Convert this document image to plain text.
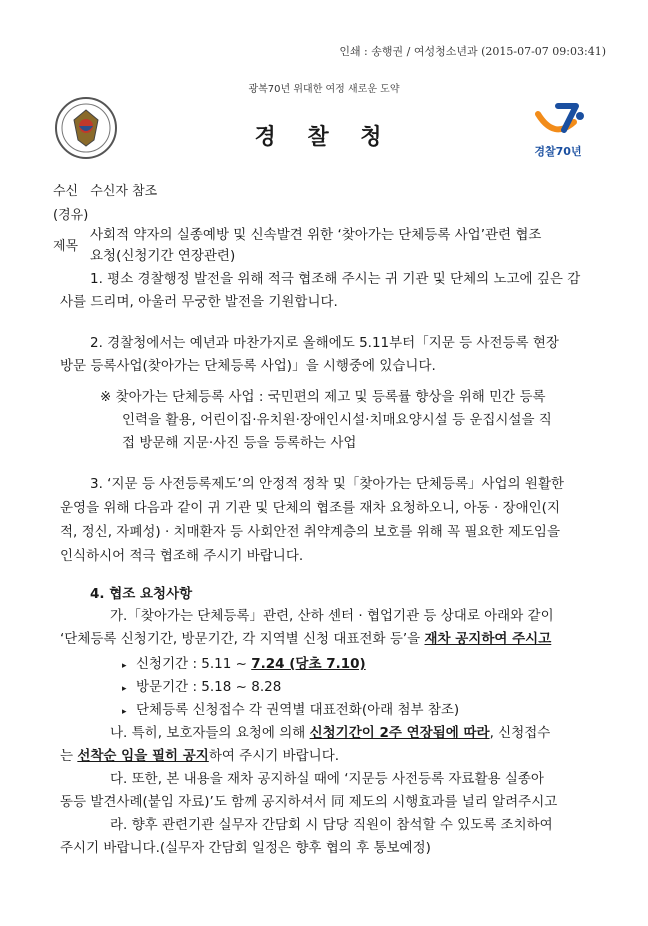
인쇄 : 송행권 / 여성청소년과 (2015-07-07 09:03:41)
광복70년 위대한 여정 새로운 도약
경 찰 청
경찰70년
수신 수신자 참조
(경유)
제목
사회적 약자의 실종예방 및 신속발견 위한 ‘찾아가는 단체등록 사업’관련 협조
요청(신청기간 연장관련)
1. 평소 경찰행정 발전을 위해 적극 협조해 주시는 귀 기관 및 단체의 노고에 깊은 감
사를 드리며, 아울러 무궁한 발전을 기원합니다.
2. 경찰청에서는 예년과 마찬가지로 올해에도 5.11부터「지문 등 사전등록 현장
방문 등록사업(찾아가는 단체등록 사업)」을 시행중에 있습니다.
※ 찾아가는 단체등록 사업 : 국민편의 제고 및 등록률 향상을 위해 민간 등록
인력을 활용, 어린이집·유치원·장애인시설·치매요양시설 등 운집시설을 직
접 방문해 지문·사진 등을 등록하는 사업
3. ‘지문 등 사전등록제도’의 안정적 정착 및「찾아가는 단체등록」사업의 원활한
운영을 위해 다음과 같이 귀 기관 및 단체의 협조를 재차 요청하오니, 아동 · 장애인(지
적, 정신, 자폐성) · 치매환자 등 사회안전 취약계층의 보호를 위해 꼭 필요한 제도임을
인식하시어 적극 협조해 주시기 바랍니다.
4. 협조 요청사항
가.「찾아가는 단체등록」관련, 산하 센터 · 협업기관 등 상대로 아래와 같이
‘단체등록 신청기간, 방문기간, 각 지역별 신청 대표전화 등’을 재차 공지하여 주시고
▸ 신청기간 : 5.11 ~ 7.24 (당초 7.10)
▸ 방문기간 : 5.18 ~ 8.28
▸ 단체등록 신청접수 각 권역별 대표전화(아래 첨부 참조)
나. 특히, 보호자들의 요청에 의해 신청기간이 2주 연장됨에 따라, 신청접수
는 선착순 임을 필히 공지하여 주시기 바랍니다.
다. 또한, 본 내용을 재차 공지하실 때에 ‘지문등 사전등록 자료활용 실종아
동등 발견사례(붙임 자료)’도 함께 공지하셔서 同 제도의 시행효과를 널리 알려주시고
라. 향후 관련기관 실무자 간담회 시 담당 직원이 참석할 수 있도록 조치하여
주시기 바랍니다.(실무자 간담회 일정은 향후 협의 후 통보예정)
